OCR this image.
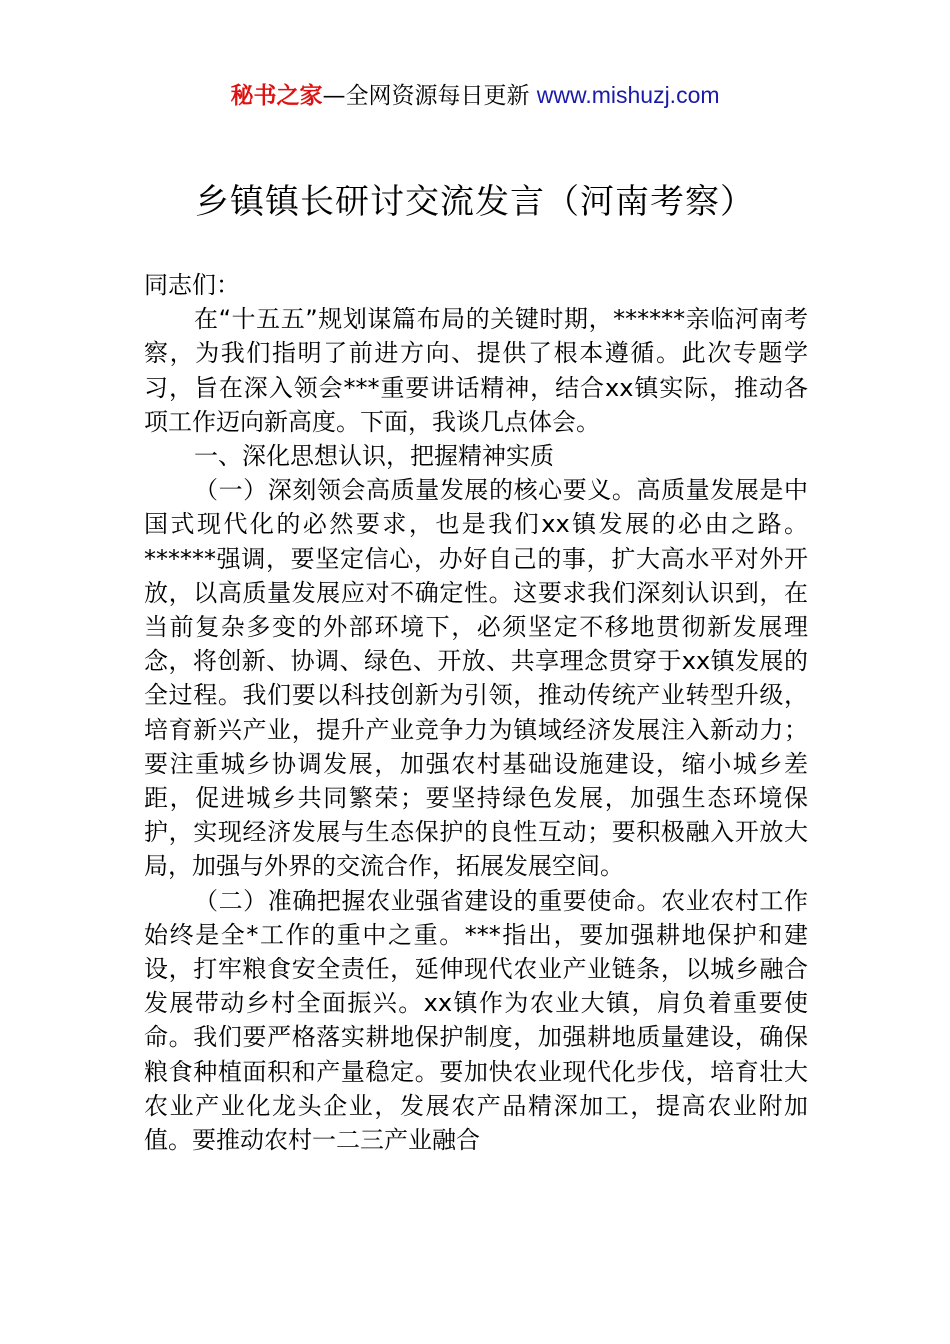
秘书之家—全网资源每日更新 www.mishuzj.com
乡镇镇长研讨交流发言（河南考察）

同志们：

在“十五五”规划谋篇布局的关键时期，******亲临河南考察，为我们指明了前进方向、提供了根本遵循。此次专题学习，旨在深入领会***重要讲话精神，结合xx镇实际，推动各项工作迈向新高度。下面，我谈几点体会。

一、深化思想认识，把握精神实质

（一）深刻领会高质量发展的核心要义。高质量发展是中国式现代化的必然要求，也是我们xx镇发展的必由之路。******强调，要坚定信心，办好自己的事，扩大高水平对外开放，以高质量发展应对不确定性。这要求我们深刻认识到，在当前复杂多变的外部环境下，必须坚定不移地贯彻新发展理念，将创新、协调、绿色、开放、共享理念贯穿于xx镇发展的全过程。我们要以科技创新为引领，推动传统产业转型升级，培育新兴产业，提升产业竞争力为镇域经济发展注入新动力；要注重城乡协调发展，加强农村基础设施建设，缩小城乡差距，促进城乡共同繁荣；要坚持绿色发展，加强生态环境保护，实现经济发展与生态保护的良性互动；要积极融入开放大局，加强与外界的交流合作，拓展发展空间。

（二）准确把握农业强省建设的重要使命。农业农村工作始终是全*工作的重中之重。***指出，要加强耕地保护和建设，打牢粮食安全责任，延伸现代农业产业链条，以城乡融合发展带动乡村全面振兴。xx镇作为农业大镇，肩负着重要使命。我们要严格落实耕地保护制度，加强耕地质量建设，确保粮食种植面积和产量稳定。要加快农业现代化步伐，培育壮大农业产业化龙头企业，发展农产品精深加工，提高农业附加值。要推动农村一二三产业融合
